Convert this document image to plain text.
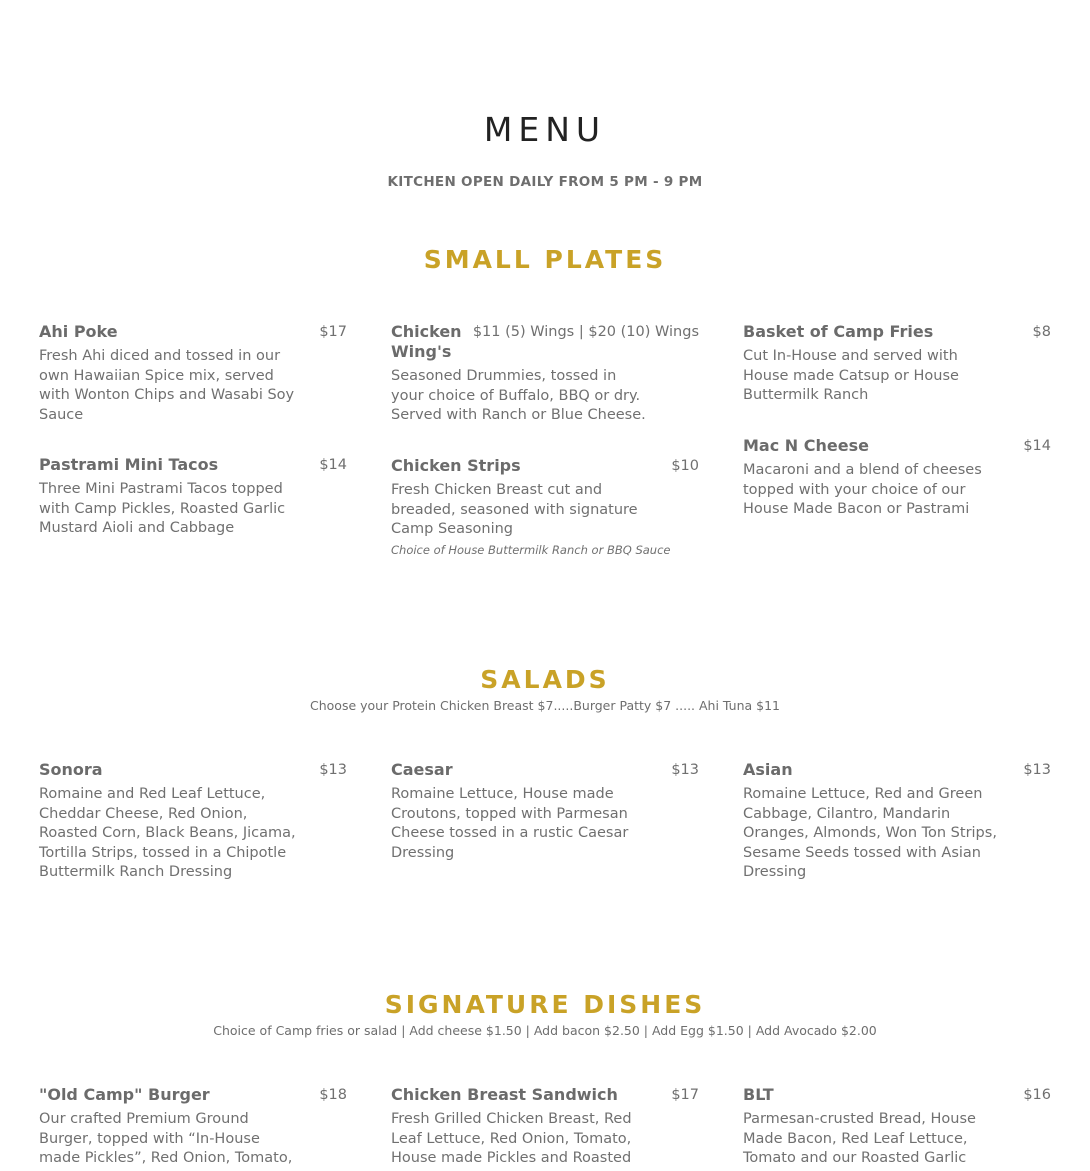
MENU
KITCHEN OPEN DAILY FROM 5 PM - 9 PM
SMALL PLATES
Ahi Poke	$17
Fresh Ahi diced and tossed in our own Hawaiian Spice mix, served with Wonton Chips and Wasabi Soy Sauce
Pastrami Mini Tacos	$14
Three Mini Pastrami Tacos topped with Camp Pickles, Roasted Garlic Mustard Aioli and Cabbage
Chicken Wing's
$11 (5) Wings | $20 (10) Wings
Seasoned Drummies, tossed in your choice of Buffalo, BBQ or dry. Served with Ranch or Blue Cheese.
Chicken Strips	$10
Fresh Chicken Breast cut and breaded, seasoned with signature Camp Seasoning
Choice of House Buttermilk Ranch or BBQ Sauce
Basket of Camp Fries	$8
Cut In-House and served with House made Catsup or House Buttermilk Ranch
Mac N Cheese	$14
Macaroni and a blend of cheeses topped with your choice of our House Made Bacon or Pastrami
SALADS
Choose your Protein Chicken Breast $7.....Burger Patty $7 ..... Ahi Tuna $11
Sonora	$13
Romaine and Red Leaf Lettuce, Cheddar Cheese, Red Onion, Roasted Corn, Black Beans, Jicama, Tortilla Strips, tossed in a Chipotle Buttermilk Ranch Dressing
Caesar	$13
Romaine Lettuce, House made Croutons, topped with Parmesan Cheese tossed in a rustic Caesar Dressing
Asian	$13
Romaine Lettuce, Red and Green Cabbage, Cilantro, Mandarin Oranges, Almonds, Won Ton Strips, Sesame Seeds tossed with Asian Dressing
SIGNATURE DISHES
Choice of Camp fries or salad | Add cheese $1.50 | Add bacon $2.50 | Add Egg $1.50 | Add Avocado $2.00
"Old Camp" Burger	$18
Our crafted Premium Ground Burger, topped with “In-House made Pickles”, Red Onion, Tomato,
Chicken Breast Sandwich	$17
Fresh Grilled Chicken Breast, Red Leaf Lettuce, Red Onion, Tomato, House made Pickles and Roasted
BLT	$16
Parmesan-crusted Bread, House Made Bacon, Red Leaf Lettuce, Tomato and our Roasted Garlic
